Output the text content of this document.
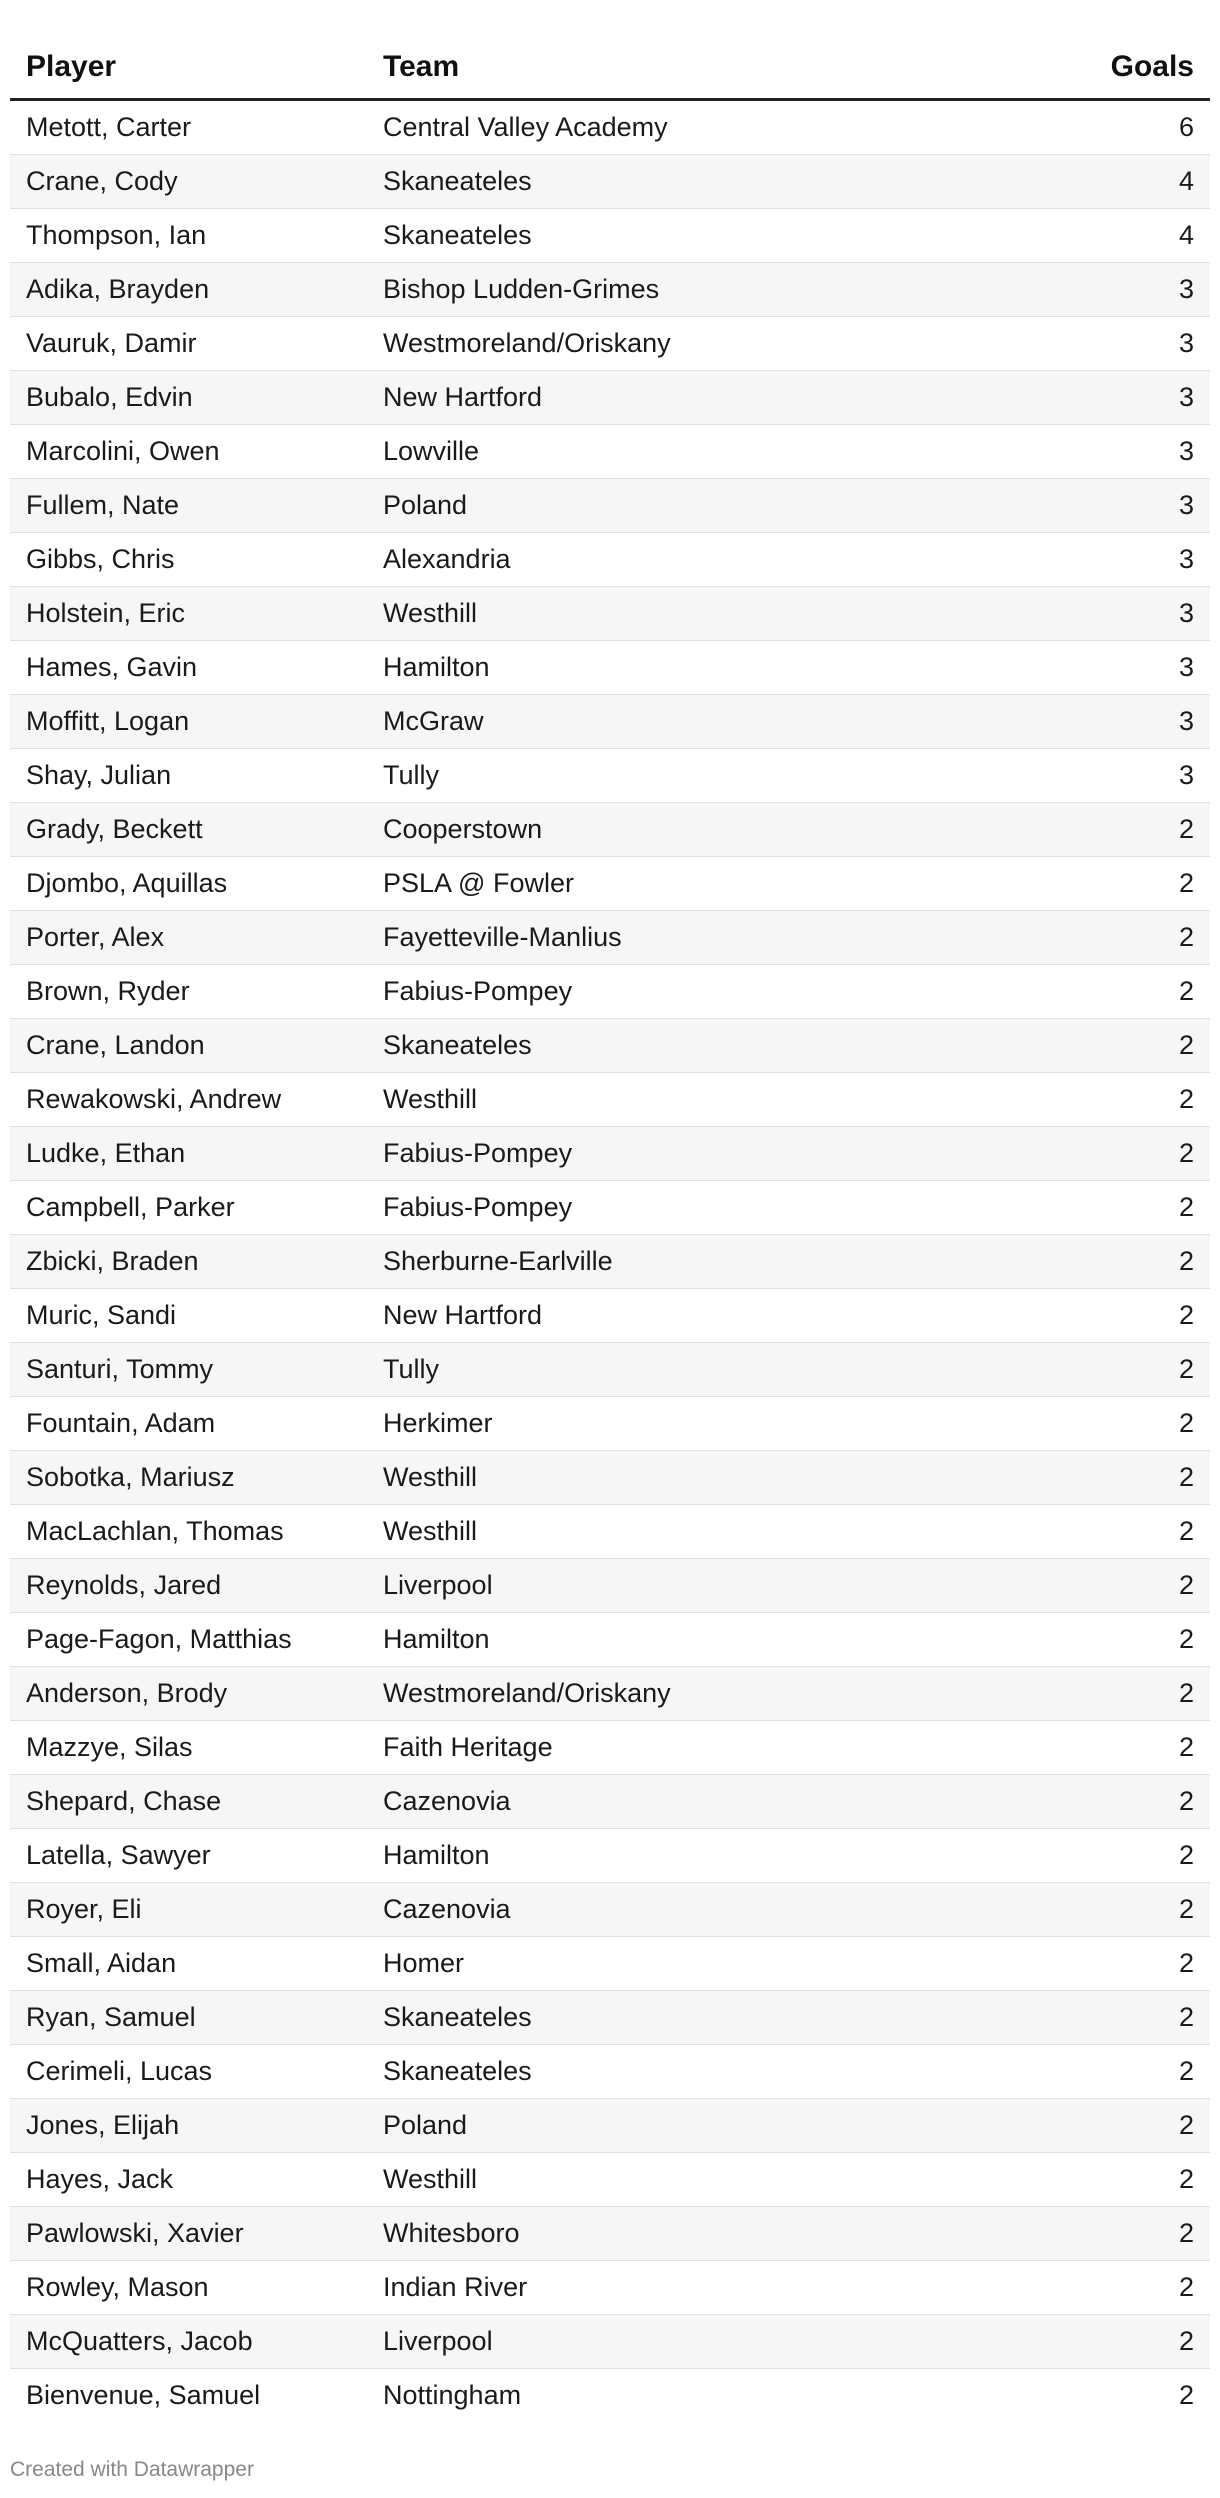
Player	Team	Goals
Metott, Carter	Central Valley Academy	6
Crane, Cody	Skaneateles	4
Thompson, Ian	Skaneateles	4
Adika, Brayden	Bishop Ludden-Grimes	3
Vauruk, Damir	Westmoreland/Oriskany	3
Bubalo, Edvin	New Hartford	3
Marcolini, Owen	Lowville	3
Fullem, Nate	Poland	3
Gibbs, Chris	Alexandria	3
Holstein, Eric	Westhill	3
Hames, Gavin	Hamilton	3
Moffitt, Logan	McGraw	3
Shay, Julian	Tully	3
Grady, Beckett	Cooperstown	2
Djombo, Aquillas	PSLA @ Fowler	2
Porter, Alex	Fayetteville-Manlius	2
Brown, Ryder	Fabius-Pompey	2
Crane, Landon	Skaneateles	2
Rewakowski, Andrew	Westhill	2
Ludke, Ethan	Fabius-Pompey	2
Campbell, Parker	Fabius-Pompey	2
Zbicki, Braden	Sherburne-Earlville	2
Muric, Sandi	New Hartford	2
Santuri, Tommy	Tully	2
Fountain, Adam	Herkimer	2
Sobotka, Mariusz	Westhill	2
MacLachlan, Thomas	Westhill	2
Reynolds, Jared	Liverpool	2
Page-Fagon, Matthias	Hamilton	2
Anderson, Brody	Westmoreland/Oriskany	2
Mazzye, Silas	Faith Heritage	2
Shepard, Chase	Cazenovia	2
Latella, Sawyer	Hamilton	2
Royer, Eli	Cazenovia	2
Small, Aidan	Homer	2
Ryan, Samuel	Skaneateles	2
Cerimeli, Lucas	Skaneateles	2
Jones, Elijah	Poland	2
Hayes, Jack	Westhill	2
Pawlowski, Xavier	Whitesboro	2
Rowley, Mason	Indian River	2
McQuatters, Jacob	Liverpool	2
Bienvenue, Samuel	Nottingham	2
Created with Datawrapper
